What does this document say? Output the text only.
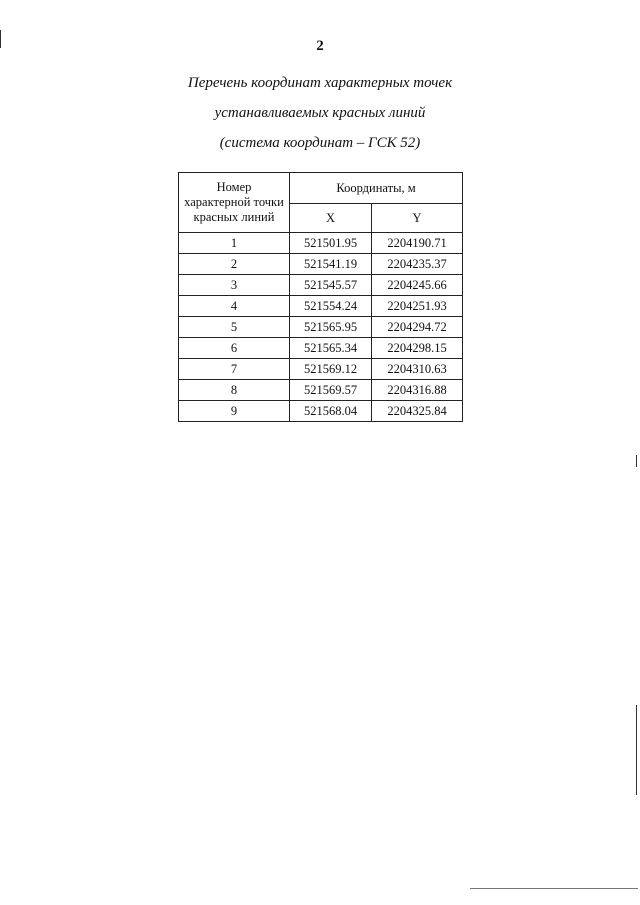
2
Перечень координат характерных точек
устанавливаемых красных линий
(система координат – ГСК 52)
Номер
характерной точки
красных линий	Координаты, м	
	X	Y
1	521501.95	2204190.71
2	521541.19	2204235.37
3	521545.57	2204245.66
4	521554.24	2204251.93
5	521565.95	2204294.72
6	521565.34	2204298.15
7	521569.12	2204310.63
8	521569.57	2204316.88
9	521568.04	2204325.84
